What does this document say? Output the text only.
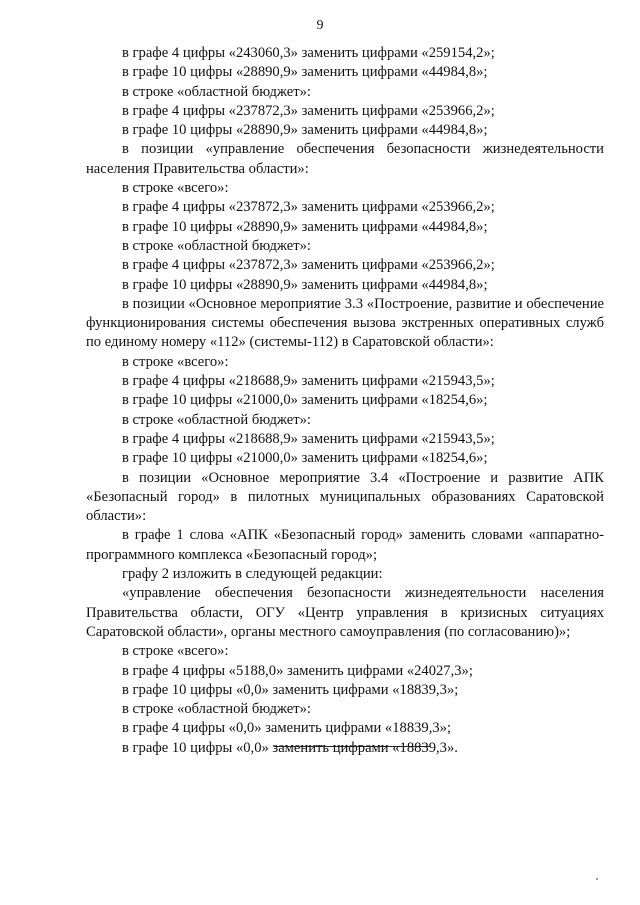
9

в графе 4 цифры «243060,3» заменить цифрами «259154,2»;

в графе 10 цифры «28890,9» заменить цифрами «44984,8»;

в строке «областной бюджет»:

в графе 4 цифры «237872,3» заменить цифрами «253966,2»;

в графе 10 цифры «28890,9» заменить цифрами «44984,8»;

в позиции «управление обеспечения безопасности жизнедеятельности населения Правительства области»:

в строке «всего»:

в графе 4 цифры «237872,3» заменить цифрами «253966,2»;

в графе 10 цифры «28890,9» заменить цифрами «44984,8»;

в строке «областной бюджет»:

в графе 4 цифры «237872,3» заменить цифрами «253966,2»;

в графе 10 цифры «28890,9» заменить цифрами «44984,8»;

в позиции «Основное мероприятие 3.3 «Построение, развитие и обеспечение функционирования системы обеспечения вызова экстренных оперативных служб по единому номеру «112» (системы-112) в Саратовской области»:

в строке «всего»:

в графе 4 цифры «218688,9» заменить цифрами «215943,5»;

в графе 10 цифры «21000,0» заменить цифрами «18254,6»;

в строке «областной бюджет»:

в графе 4 цифры «218688,9» заменить цифрами «215943,5»;

в графе 10 цифры «21000,0» заменить цифрами «18254,6»;

в позиции «Основное мероприятие 3.4 «Построение и развитие АПК «Безопасный город» в пилотных муниципальных образованиях Саратовской области»:

в графе 1 слова «АПК «Безопасный город» заменить словами «аппаратно-программного комплекса «Безопасный город»;

графу 2 изложить в следующей редакции:

«управление обеспечения безопасности жизнедеятельности населения Правительства области, ОГУ «Центр управления в кризисных ситуациях Саратовской области», органы местного самоуправления (по согласованию)»;

в строке «всего»:

в графе 4 цифры «5188,0» заменить цифрами «24027,3»;

в графе 10 цифры «0,0» заменить цифрами «18839,3»;

в строке «областной бюджет»:

в графе 4 цифры «0,0» заменить цифрами «18839,3»;

в графе 10 цифры «0,0» заменить цифрами «18839,3».
